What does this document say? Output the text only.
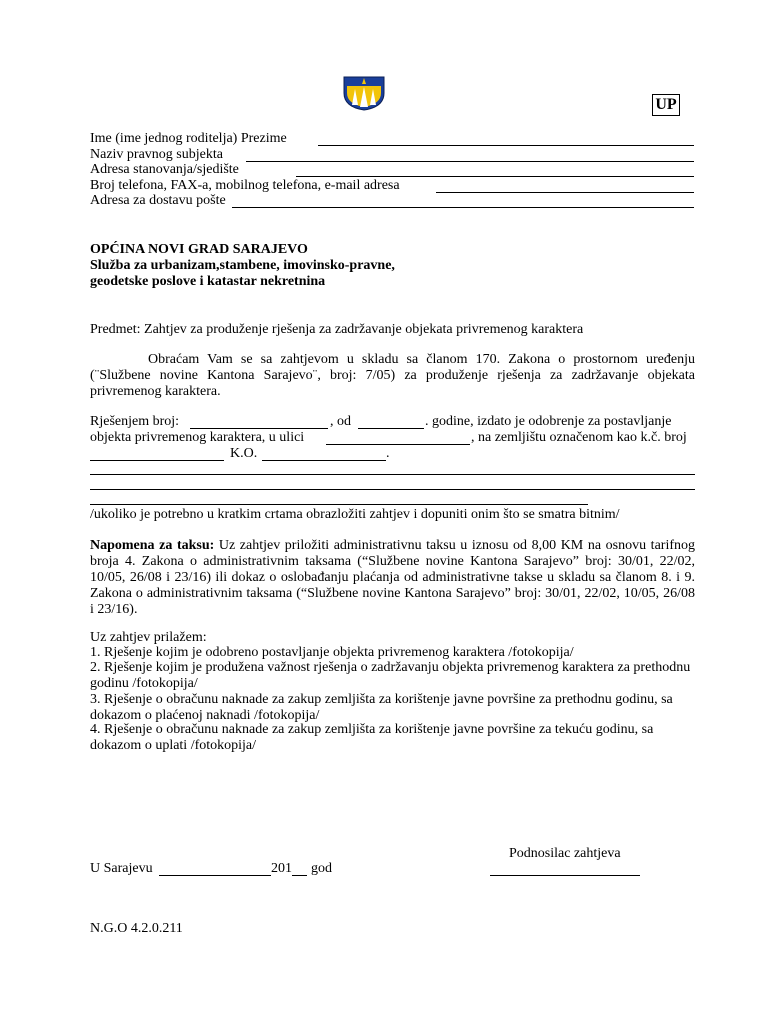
UP
Ime (ime jednog roditelja) Prezime
Naziv pravnog subjekta
Adresa stanovanja/sjedište
Broj telefona, FAX-a, mobilnog telefona, e-mail adresa
Adresa za dostavu pošte
OPĆINA NOVI GRAD SARAJEVO
Služba za urbanizam,stambene, imovinsko-pravne,
geodetske poslove i katastar nekretnina
Predmet: Zahtjev za produženje rješenja za zadržavanje objekata privremenog karaktera
Obraćam Vam se sa zahtjevom u skladu sa članom 170. Zakona o prostornom uređenju (¨Službene novine Kantona Sarajevo¨, broj: 7/05) za produženje rješenja za zadržavanje objekata privremenog karaktera.
Rješenjem broj:	, od	. godine, izdato je odobrenje za postavljanje
objekta privremenog karaktera, u ulici	, na zemljištu označenom kao k.č. broj
K.O.	.
/ukoliko je potrebno u kratkim crtama obrazložiti zahtjev i dopuniti onim što se smatra bitnim/
Napomena za taksu: Uz zahtjev priložiti administrativnu taksu u iznosu od 8,00 KM na osnovu tarifnog broja 4. Zakona o administrativnim taksama (“Službene novine Kantona Sarajevo” broj: 30/01, 22/02, 10/05, 26/08 i 23/16) ili dokaz o oslobađanju plaćanja od administrativne takse u skladu sa članom 8. i 9. Zakona o administrativnim taksama (“Službene novine Kantona Sarajevo” broj: 30/01, 22/02, 10/05, 26/08 i 23/16).
Uz zahtjev prilažem:
1. Rješenje kojim je odobreno postavljanje objekta privremenog karaktera /fotokopija/
2. Rješenje kojim je produžena važnost rješenja o zadržavanju objekta privremenog karaktera za prethodnu godinu /fotokopija/
3. Rješenje o obračunu naknade za zakup zemljišta za korištenje javne površine za prethodnu godinu, sa dokazom o plaćenoj naknadi /fotokopija/
4. Rješenje o obračunu naknade za zakup zemljišta za korištenje javne površine za tekuću godinu, sa dokazom o uplati /fotokopija/
Podnosilac zahtjeva
U Sarajevu	201 god
N.G.O 4.2.0.211
